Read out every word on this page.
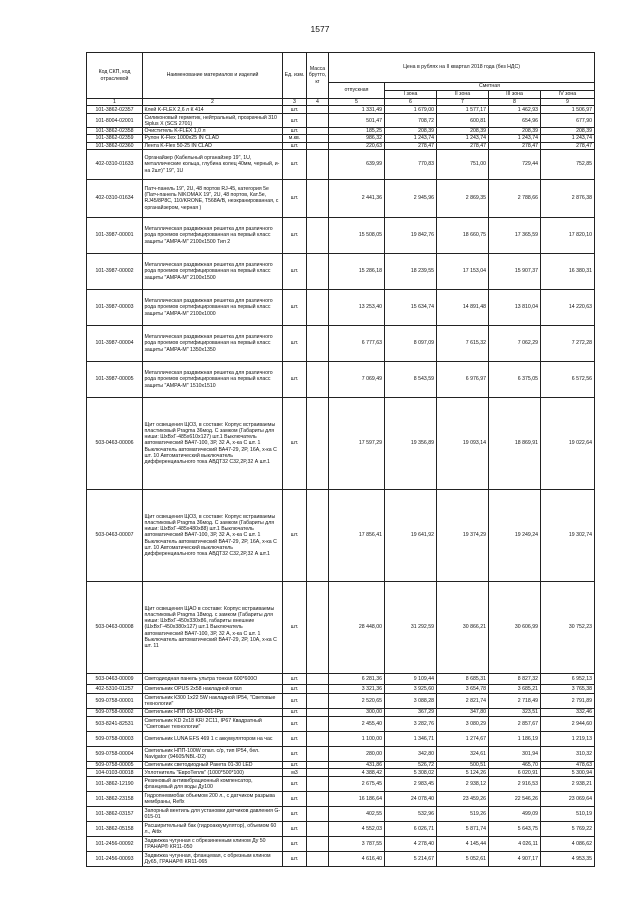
1577
Код СКП, код отраслевой	Наименование материалов и изделий	Ед. изм.	Масса брутто, кг	Цена в рублях на II квартал 2018 года (без НДС)				
				отпускная	Сметная			
					I зона	II зона	III зона	IV зона
1	2	3	4	5	6	7	8	9
101-3862-02357	Клей K-FLEX 2,6 л К 414	шт.		1 331,49	1 679,00	1 577,17	1 462,93	1 506,97
101-8004-02001	Силиконовый герметик, нейтральный, прозрачный 310 Siplus X (SCS 2701)	шт.		501,47	708,72	600,81	654,96	677,90
101-3862-02358	Очиститель K-FLEX 1,0 л	шт.		185,25	208,39	208,39	208,39	208,39
101-3862-02359	Рулон K-Flex 1000х25 IN CLAD	м.кв.		986,32	1 243,74	1 243,74	1 243,74	1 243,74
101-3862-02360	Лента K-Flex 50-25 IN CLAD	шт.		220,63	278,47	278,47	278,47	278,47
402-0310-01633	Органайзер (Кабельный органайзер 19", 1U, металлические кольца, глубина колец 40мм, черный, и-на 2шт)" 19", 1U	шт.		639,99	770,83	751,00	729,44	752,85
402-0310-01634	Патч-панель 19", 2U, 48 портов RJ-45, категория 5е (Патч-панель NIKOMAX 19", 2U, 48 портов, Кат.5е, RJ45/8P8C, 110/KRONE, T568A/B, неэкранированная, с органайзером, черная )	шт.		2 441,36	2 945,96	2 869,35	2 788,66	2 876,38
101-3987-00001	Металлическая раздвижная решетка для различного рода проемов сертифицированная на первый класс защиты "АМРА-М" 2100х1500 Тип 2	шт.		15 508,05	19 842,76	18 660,75	17 365,59	17 820,10
101-3987-00002	Металлическая раздвижная решетка для различного рода проемов сертифицированная на первый класс защиты "АМРА-М" 2100х1500	шт.		15 286,18	18 239,55	17 153,04	15 907,37	16 380,31
101-3987-00003	Металлическая раздвижная решетка для различного рода проемов сертифицированная на первый класс защиты "АМРА-М" 2100х1000	шт.		13 253,40	15 634,74	14 891,48	13 810,04	14 220,63
101-3987-00004	Металлическая раздвижная решетка для различного рода проемов сертифицированная на первый класс защиты "АМРА-М" 1350х1350	шт.		6 777,63	8 097,09	7 615,32	7 062,29	7 272,28
101-3987-00005	Металлическая раздвижная решетка для различного рода проемов сертифицированная на первый класс защиты "АМРА-М" 1510х1510	шт.		7 069,49	8 543,59	6 976,97	6 375,05	6 572,56
503-0463-00006	Щит освещения ЩО3, в составе: Корпус встраиваемы пластиковый Pragma 36мод. С замком (Габариты для ниши: ШхВхГ-485х610х127) шт.1 Выключатель автоматический ВА47-100, 3P, 32 А, х-ка С шт. 1 Выключатель автоматический ВА47-29, 2P, 16А, х-ка С шт. 10 Автоматический выключатель дифференциального тока АВДТ32 С32,2P,32 А шт.1	шт.		17 597,29	19 356,89	19 093,14	18 869,91	19 022,64
503-0463-00007	Щит освещения ЩО3, в составе: Корпус встраиваемы пластиковый Pragma 36мод. С замком (Габариты для ниши: ШхВхГ-485х480х88) шт.1 Выключатель автоматический ВА47-100, 3P, 32 А, х-ка С шт. 1 Выключатель автоматический ВА47-29, 2P, 16А, х-ка С шт. 10 Автоматический выключатель дифференциального тока АВДТ32 С32,2P,32 А шт.1	шт.		17 856,41	19 641,92	19 374,29	19 249,24	19 302,74
503-0463-00008	Щит освещения ЩАО в составе: Корпус встраиваемы пластиковый Pragma 18мод. с замком (Габариты для ниши: ШхВхГ-450х330х86, габариты внешние (ШхВхГ-450х380х127) шт.1 Выключатель автоматический ВА47-100, 3P, 32 А, х-ка С шт. 1 Выключатель автоматический ВА47-29, 2P, 10А, х-ка С шт. 11	шт.		28 448,00	31 292,59	30 866,21	30 606,99	30 752,23
503-0463-00009	Светодиодная панель ультра тонкая 600*600О	шт.		6 281,36	9 109,44	8 685,31	8 827,32	6 952,13
402-5310-01257	Светильник OPUS 2х58 накладной опал	шт.		3 321,36	3 925,60	3 654,78	3 685,21	3 765,38
509-0758-00001	Светильник К300 1х22 5W накладной IP54, "Световые технологии"	шт.		2 520,65	3 088,28	2 821,74	2 718,49	2 791,89
509-0758-00002	Светильник НПП 03-100-001-IPp	шт.		300,00	367,29	347,80	323,51	332,46
503-8241-82531	Светильник KD 2х18 KR/ 2С11, IP67 Квадратный "Световые технологии"	шт.		2 455,40	3 282,76	3 080,29	2 857,67	2 944,60
509-0758-00003	Светильник LUNA EFS 469 1 с аккумулятором на час	шт.		1 100,00	1 346,71	1 274,67	1 186,19	1 219,13
509-0758-00004	Светильник НПП-100W опал. с/р, тип IP54, бел. Navigator (94605/NBL-D2)	шт.		280,00	342,80	324,61	301,94	310,32
509-0758-00005	Светильник светодиодный Ракета 01-30 LED	шт.		431,86	526,72	500,51	465,70	478,63
104-0103-00018	Уплотнитель "ЕвроТеплк" (1000*500*100)	м3		4 388,42	5 308,02	5 124,26	6 020,91	5 300,94
101-3862-12190	Резиновый антивибрационный компенсатор, фланцевый для воды Ду100	шт.		2 675,45	2 983,45	2 938,12	2 916,53	2 938,21
101-3862-23158	Гидропневмобак объемом 200 л., с датчиком разрыва мембраны, Reflx	шт.		16 186,64	24 078,40	23 459,26	22 546,26	23 069,64
101-3862-03157	Запорный вентиль для установки датчиков давления G-015-01	шт.		402,55	532,96	519,26	499,09	510,19
101-3862-05158	Расширительный бак (гидроаккумулятор), объемом 60 л., Aitix	шт.		4 552,03	6 026,71	5 871,74	5 643,75	5 769,22
101-2456-00092	Задвижка чугунная с обрезиненным клином Ду 50 ГРАНАР® КR11-050	шт.		3 787,55	4 278,40	4 145,44	4 026,11	4 086,62
101-2456-00093	Задвижка чугунная, фланцевая, с обрезным клином Ду65, ГРАНАР® КR11-065	шт.		4 616,40	5 214,67	5 052,61	4 907,17	4 953,35
